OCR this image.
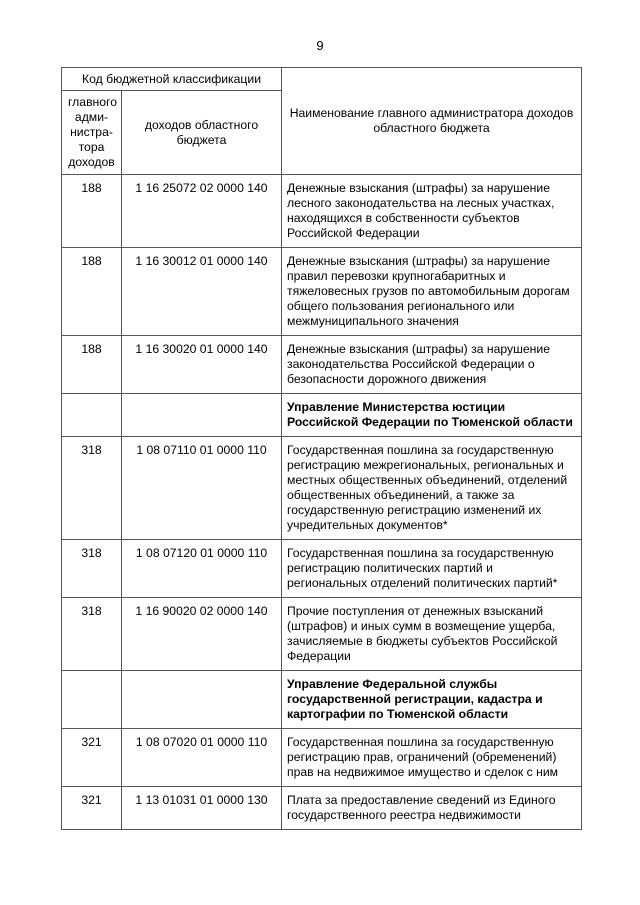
9
Код бюджетной классификации		Наименование главного администратора доходов областного бюджета

главного адми-нистра-тора доходов	доходов областного бюджета	

188	1 16 25072 02 0000 140	Денежные взыскания (штрафы) за нарушение лесного законодательства на лесных участках, находящихся в собственности субъектов Российской Федерации
188	1 16 30012 01 0000 140	Денежные взыскания (штрафы) за нарушение правил перевозки крупногабаритных и тяжеловесных грузов по автомобильным дорогам общего пользования регионального или межмуниципального значения
188	1 16 30020 01 0000 140	Денежные взыскания (штрафы) за нарушение законодательства Российской Федерации о безопасности дорожного движения
		Управление Министерства юстиции Российской Федерации по Тюменской области
318	1 08 07110 01 0000 110	Государственная пошлина за государственную регистрацию межрегиональных, региональных и местных общественных объединений, отделений общественных объединений, а также за государственную регистрацию изменений их учредительных документов*
318	1 08 07120 01 0000 110	Государственная пошлина за государственную регистрацию политических партий и региональных отделений политических партий*
318	1 16 90020 02 0000 140	Прочие поступления от денежных взысканий (штрафов) и иных сумм в возмещение ущерба, зачисляемые в бюджеты субъектов Российской Федерации
		Управление Федеральной службы государственной регистрации, кадастра и картографии по Тюменской области
321	1 08 07020 01 0000 110	Государственная пошлина за государственную регистрацию прав, ограничений (обременений) прав на недвижимое имущество и сделок с ним
321	1 13 01031 01 0000 130	Плата за предоставление сведений из Единого государственного реестра недвижимости
